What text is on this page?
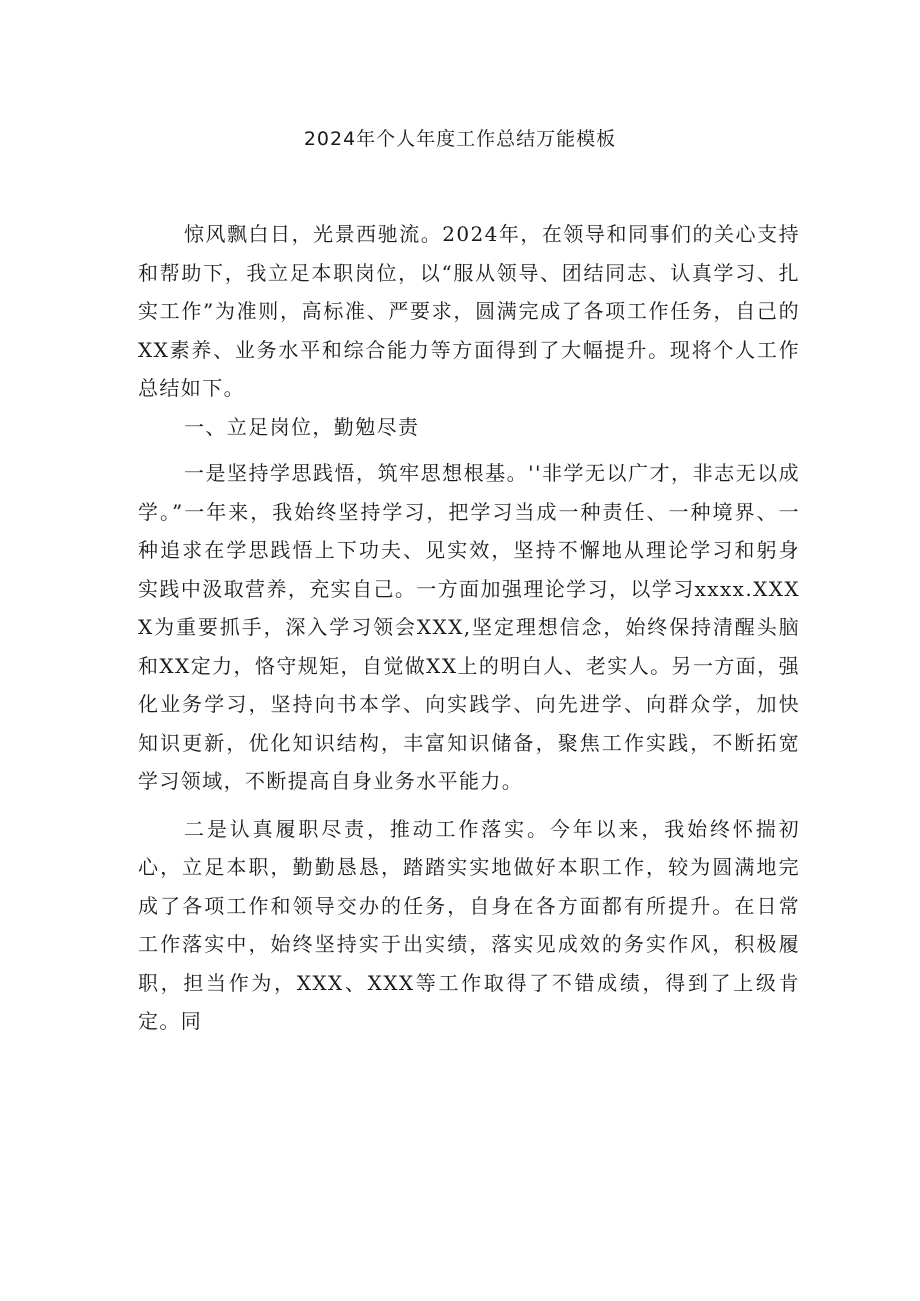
2024年个人年度工作总结万能模板

惊风飘白日，光景西驰流。2024年，在领导和同事们的关心支持和帮助下，我立足本职岗位，以“服从领导、团结同志、认真学习、扎实工作”为准则，高标准、严要求，圆满完成了各项工作任务，自己的XX素养、业务水平和综合能力等方面得到了大幅提升。现将个人工作总结如下。

一、立足岗位，勤勉尽责

一是坚持学思践悟，筑牢思想根基。''非学无以广才，非志无以成学。”一年来，我始终坚持学习，把学习当成一种责任、一种境界、一种追求在学思践悟上下功夫、见实效，坚持不懈地从理论学习和躬身实践中汲取营养，充实自己。一方面加强理论学习，以学习xxxx.XXXX为重要抓手，深入学习领会XXX,坚定理想信念，始终保持清醒头脑和XX定力，恪守规矩，自觉做XX上的明白人、老实人。另一方面，强化业务学习，坚持向书本学、向实践学、向先进学、向群众学，加快知识更新，优化知识结构，丰富知识储备，聚焦工作实践，不断拓宽学习领域，不断提高自身业务水平能力。

二是认真履职尽责，推动工作落实。今年以来，我始终怀揣初心，立足本职，勤勤恳恳，踏踏实实地做好本职工作，较为圆满地完成了各项工作和领导交办的任务，自身在各方面都有所提升。在日常工作落实中，始终坚持实于出实绩，落实见成效的务实作风，积极履职，担当作为，XXX、XXX等工作取得了不错成绩，得到了上级肯定。同
